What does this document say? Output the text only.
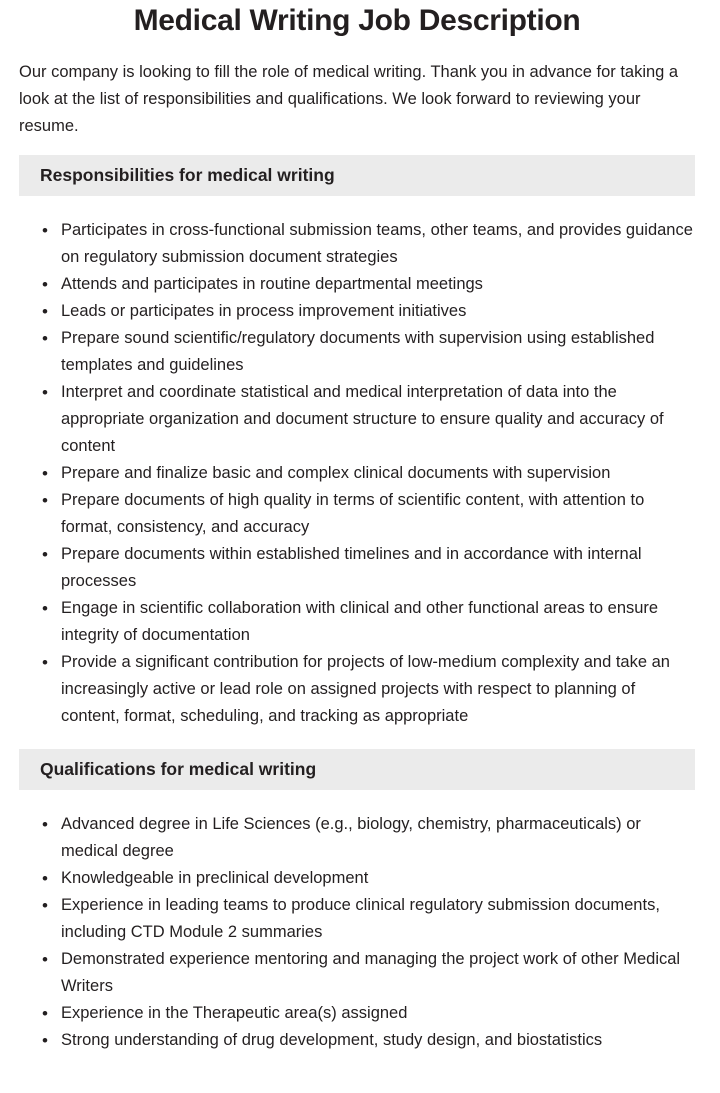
Medical Writing Job Description

Our company is looking to fill the role of medical writing. Thank you in advance for taking a look at the list of responsibilities and qualifications. We look forward to reviewing your resume.

Responsibilities for medical writing
• Participates in cross-functional submission teams, other teams, and provides guidance on regulatory submission document strategies
• Attends and participates in routine departmental meetings
• Leads or participates in process improvement initiatives
• Prepare sound scientific/regulatory documents with supervision using established templates and guidelines
• Interpret and coordinate statistical and medical interpretation of data into the appropriate organization and document structure to ensure quality and accuracy of content
• Prepare and finalize basic and complex clinical documents with supervision
• Prepare documents of high quality in terms of scientific content, with attention to format, consistency, and accuracy
• Prepare documents within established timelines and in accordance with internal processes
• Engage in scientific collaboration with clinical and other functional areas to ensure integrity of documentation
• Provide a significant contribution for projects of low-medium complexity and take an increasingly active or lead role on assigned projects with respect to planning of content, format, scheduling, and tracking as appropriate
Qualifications for medical writing
• Advanced degree in Life Sciences (e.g., biology, chemistry, pharmaceuticals) or medical degree
• Knowledgeable in preclinical development
• Experience in leading teams to produce clinical regulatory submission documents, including CTD Module 2 summaries
• Demonstrated experience mentoring and managing the project work of other Medical Writers
• Experience in the Therapeutic area(s) assigned
• Strong understanding of drug development, study design, and biostatistics
